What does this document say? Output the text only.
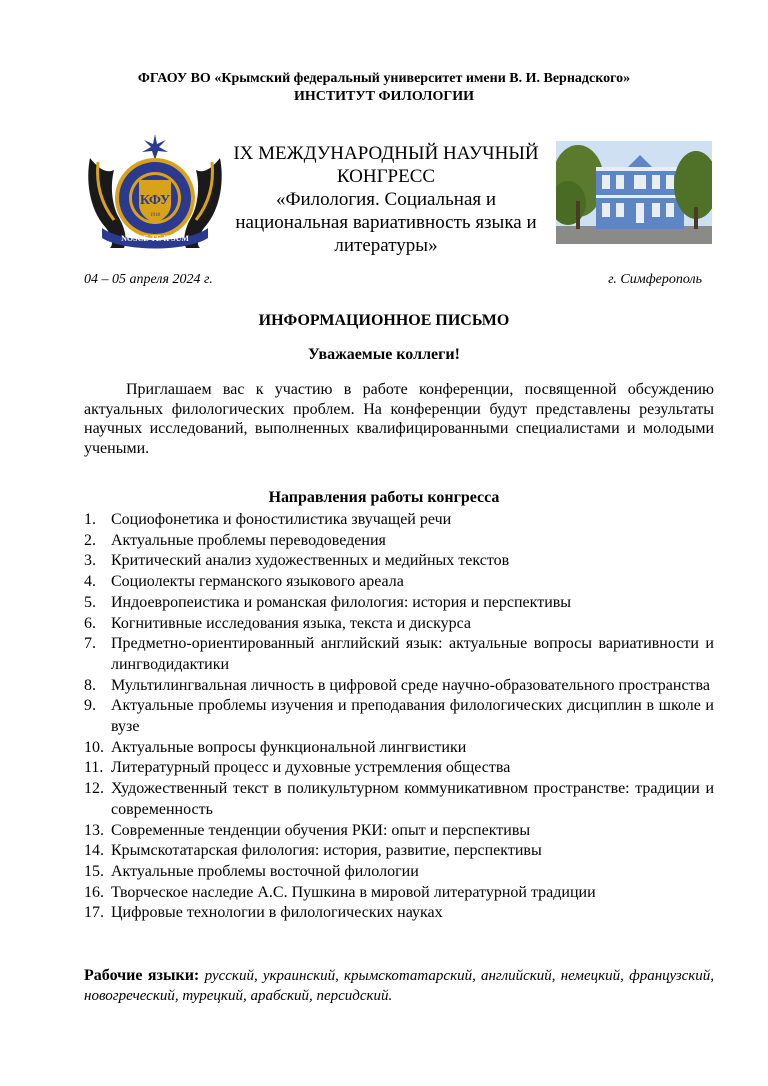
ФГАОУ ВО «Крымский федеральный университет имени В. И. Вернадского»
ИНСТИТУТ ФИЛОЛОГИИ
КФУ
1918
NOSCE TE IPSUM
IX МЕЖДУНАРОДНЫЙ НАУЧНЫЙ
КОНГРЕСС
«Филология. Социальная и
национальная вариативность языка и
литературы»
04 – 05 апреля 2024 г.	г. Симферополь
ИНФОРМАЦИОННОЕ ПИСЬМО
Уважаемые коллеги!

Приглашаем вас к участию в работе конференции, посвященной обсуждению актуальных филологических проблем. На конференции будут представлены результаты научных исследований, выполненных квалифицированными специалистами и молодыми учеными.

Направления работы конгресса
1. Социофонетика и фоностилистика звучащей речи
2. Актуальные проблемы переводоведения
3. Критический анализ художественных и медийных текстов
4. Социолекты германского языкового ареала
5. Индоевропеистика и романская филология: история и перспективы
6. Когнитивные исследования языка, текста и дискурса
7. Предметно-ориентированный английский язык: актуальные вопросы вариативности и лингводидактики
8. Мультилингвальная личность в цифровой среде научно-образовательного пространства
9. Актуальные проблемы изучения и преподавания филологических дисциплин в школе и вузе
10. Актуальные вопросы функциональной лингвистики
11. Литературный процесс и духовные устремления общества
12. Художественный текст в поликультурном коммуникативном пространстве: традиции и современность
13. Современные тенденции обучения РКИ: опыт и перспективы
14. Крымскотатарская филология: история, развитие, перспективы
15. Актуальные проблемы восточной филологии
16. Творческое наследие А.С. Пушкина в мировой литературной традиции
17. Цифровые технологии в филологических науках

Рабочие языки: русский, украинский, крымскотатарский, английский, немецкий, французский, новогреческий, турецкий, арабский, персидский.
